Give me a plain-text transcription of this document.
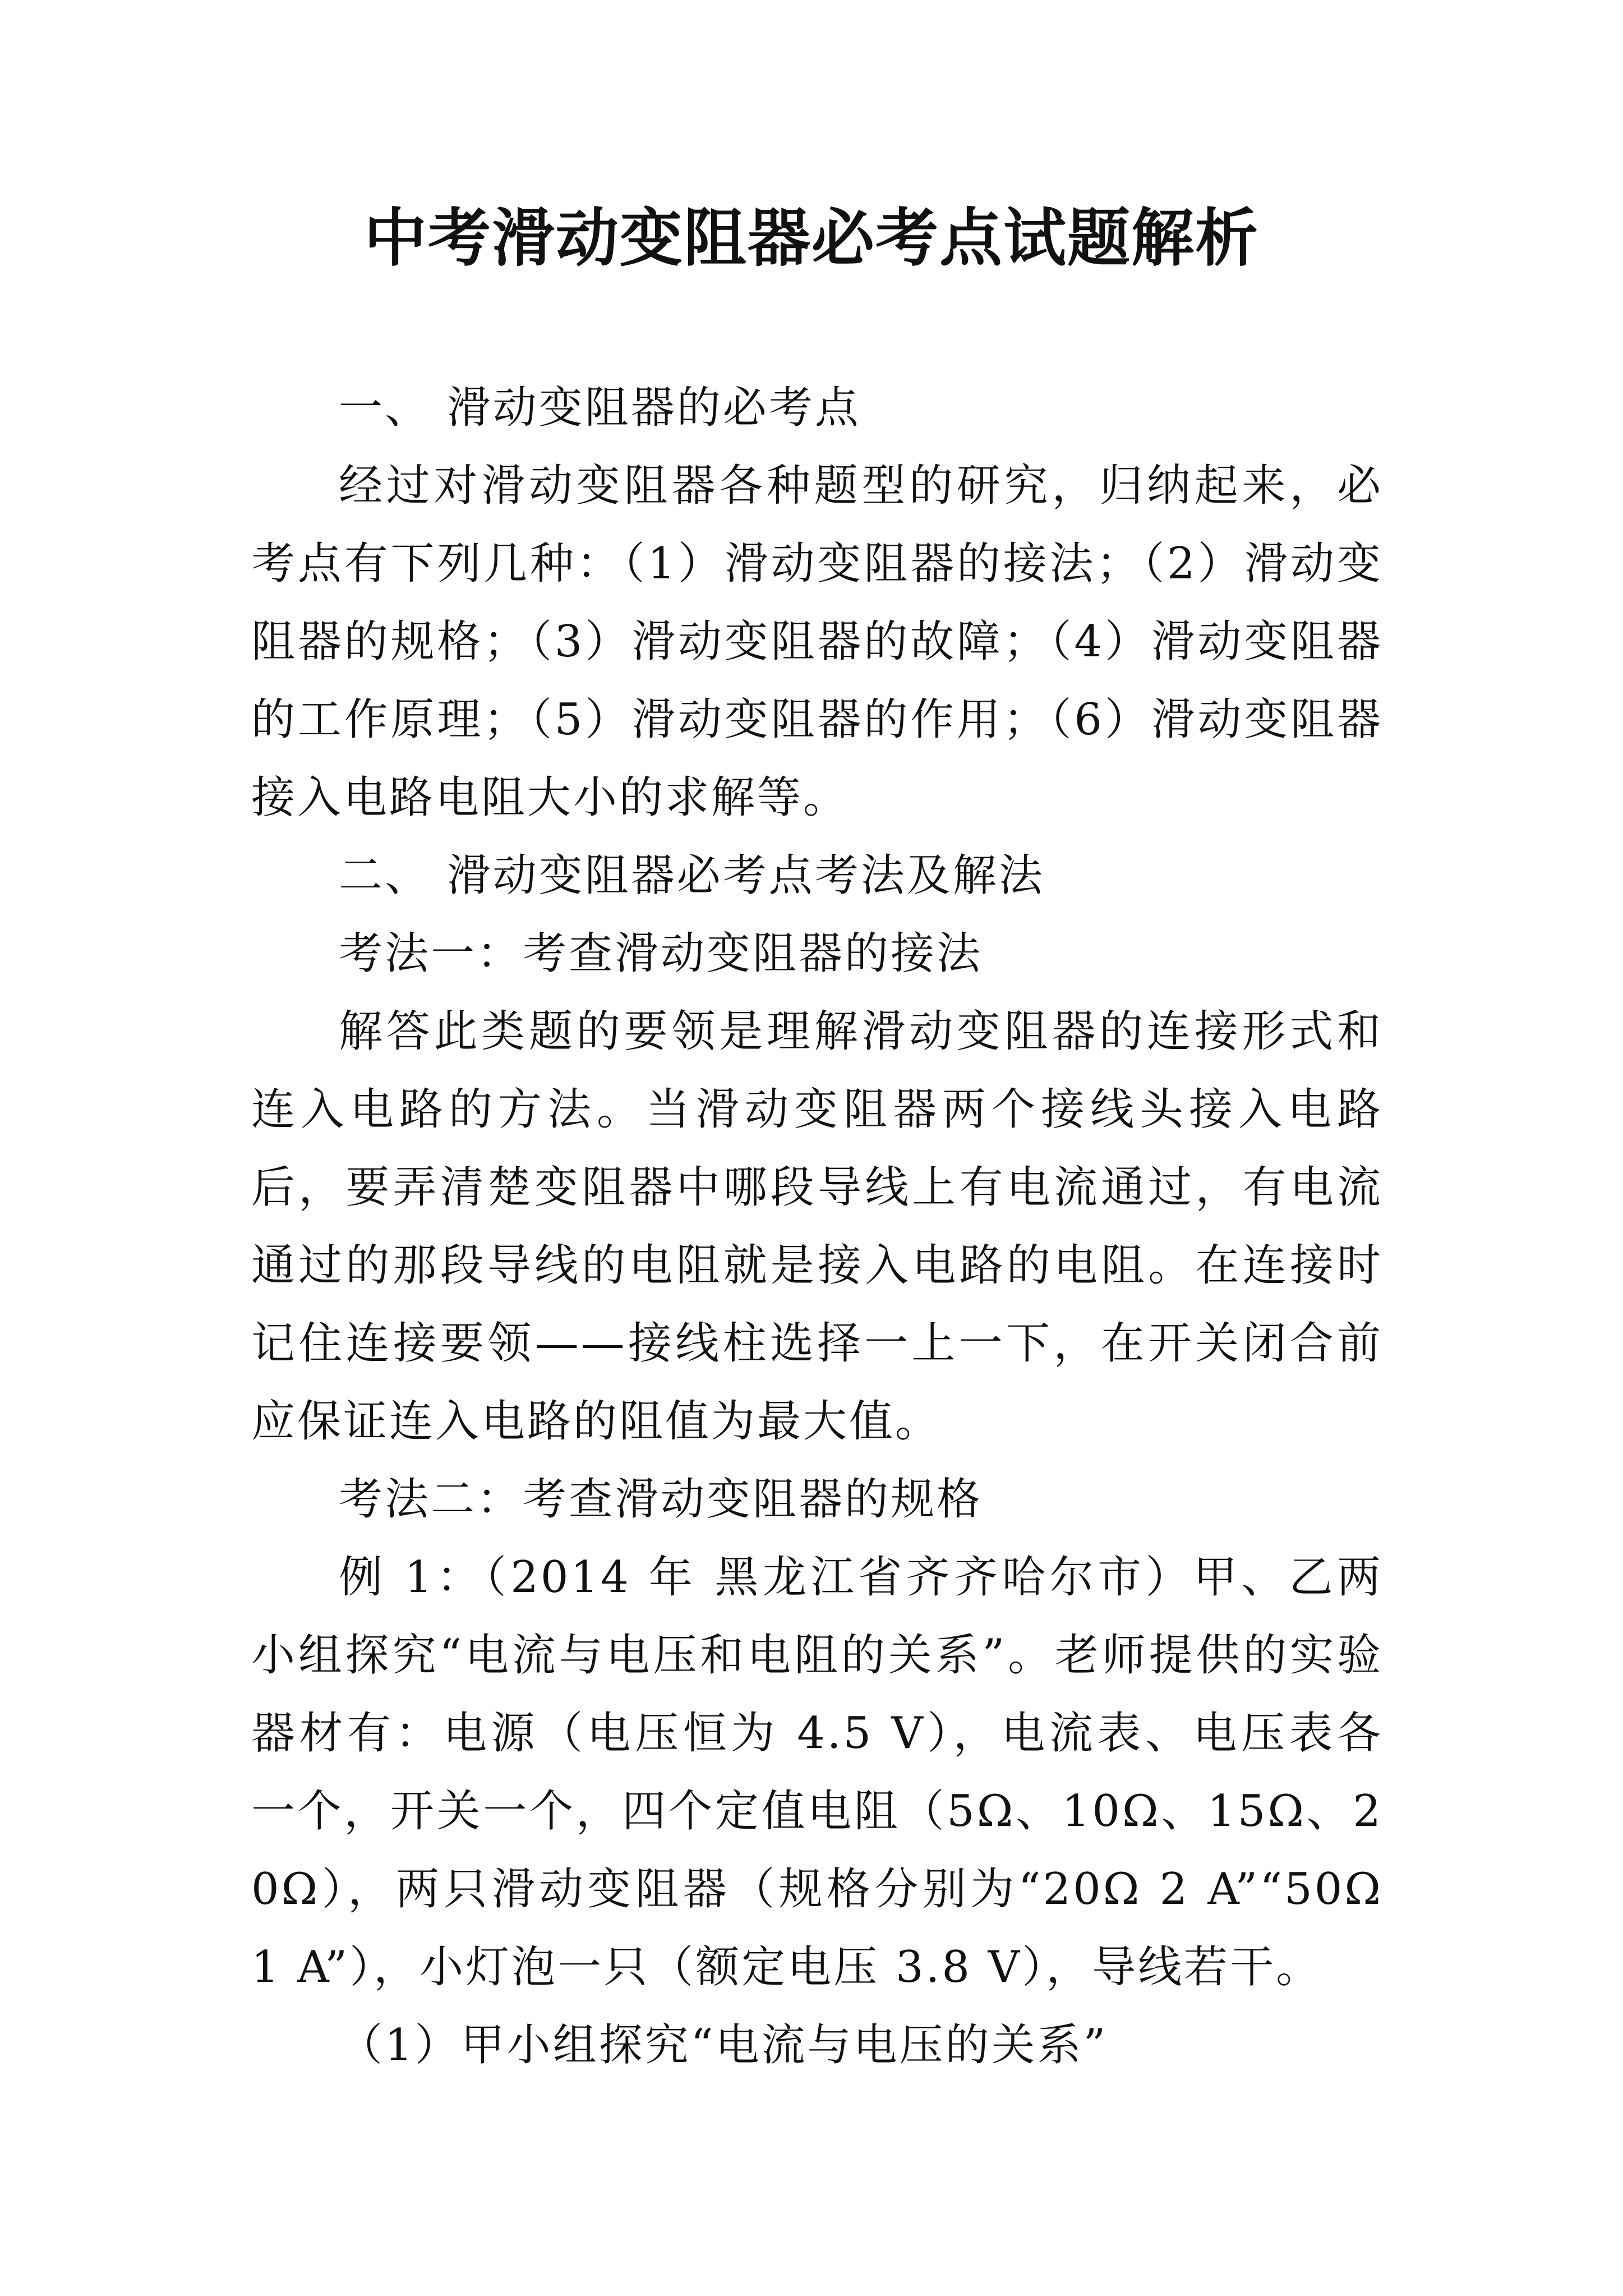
中考滑动变阻器必考点试题解析

一、 滑动变阻器的必考点

经过对滑动变阻器各种题型的研究，归纳起来，必考点有下列几种：（1）滑动变阻器的接法；（2）滑动变阻器的规格；（3）滑动变阻器的故障；（4）滑动变阻器的工作原理；（5）滑动变阻器的作用；（6）滑动变阻器接入电路电阻大小的求解等。

二、 滑动变阻器必考点考法及解法

考法一：考查滑动变阻器的接法

解答此类题的要领是理解滑动变阻器的连接形式和连入电路的方法。当滑动变阻器两个接线头接入电路后，要弄清楚变阻器中哪段导线上有电流通过，有电流通过的那段导线的电阻就是接入电路的电阻。在连接时记住连接要领——接线柱选择一上一下，在开关闭合前应保证连入电路的阻值为最大值。

考法二：考查滑动变阻器的规格

例 1：（2014 年 黑龙江省齐齐哈尔市）甲、乙两小组探究“电流与电压和电阻的关系”。老师提供的实验器材有：电源（电压恒为 4.5 V），电流表、电压表各一个，开关一个，四个定值电阻（5Ω、10Ω、15Ω、20Ω），两只滑动变阻器（规格分别为“20Ω 2 A”“50Ω 1 A”），小灯泡一只（额定电压 3.8 V），导线若干。

（1）甲小组探究“电流与电压的关系”
